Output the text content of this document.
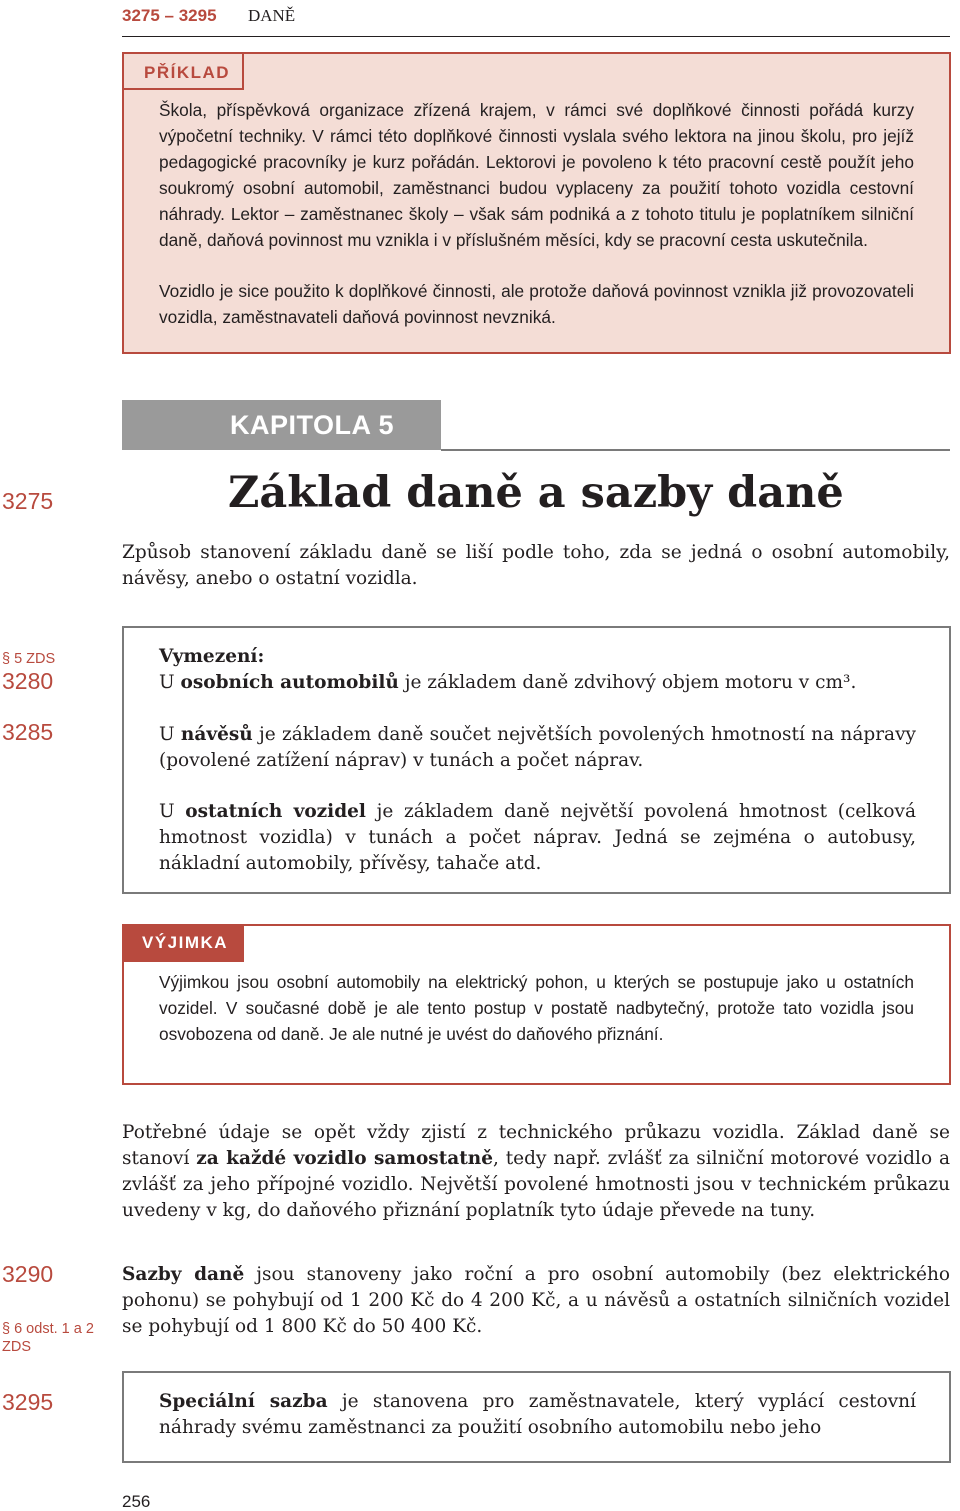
3275 – 3295 DANĚ
PŘÍKLAD

Škola, příspěvková organizace zřízená krajem, v rámci své doplňkové činnosti pořádá kurzy výpočetní techniky. V rámci této doplňkové činnosti vyslala svého lektora na jinou školu, pro jejíž pedagogické pracovníky je kurz pořádán. Lektorovi je povoleno k této pracovní cestě použít jeho soukromý osobní automobil, zaměstnanci budou vyplaceny za použití tohoto vozidla cestovní náhrady. Lektor – zaměstnanec školy – však sám podniká a z tohoto titulu je poplatníkem silniční daně, daňová povinnost mu vznikla i v příslušném měsíci, kdy se pracovní cesta uskutečnila.

Vozidlo je sice použito k doplňkové činnosti, ale protože daňová povinnost vznikla již provozovateli vozidla, zaměstnavateli daňová povinnost nevzniká.

KAPITOLA 5
3275	Základ daně a sazby daně

Způsob stanovení základu daně se liší podle toho, zda se jedná o osobní automobily, návěsy, anebo o ostatní vozidla.

§ 5 ZDS
3280
3285

Vymezení:

U osobních automobilů je základem daně zdvihový objem motoru v cm³.

U návěsů je základem daně součet největších povolených hmotností na nápravy (povolené zatížení náprav) v tunách a počet náprav.

U ostatních vozidel je základem daně největší povolená hmotnost (celková hmotnost vozidla) v tunách a počet náprav. Jedná se zejména o autobusy, nákladní automobily, přívěsy, tahače atd.

VÝJIMKA

Výjimkou jsou osobní automobily na elektrický pohon, u kterých se postupuje jako u ostatních vozidel. V současné době je ale tento postup v postatě nadbytečný, protože tato vozidla jsou osvobozena od daně. Je ale nutné je uvést do daňového přiznání.

Potřebné údaje se opět vždy zjistí z technického průkazu vozidla. Základ daně se stanoví za každé vozidlo samostatně, tedy např. zvlášť za silniční motorové vozidlo a zvlášť za jeho přípojné vozidlo. Největší povolené hmotnosti jsou v technickém průkazu uvedeny v kg, do daňového přiznání poplatník tyto údaje převede na tuny.

3290
§ 6 odst. 1 a 2 ZDS

Sazby daně jsou stanoveny jako roční a pro osobní automobily (bez elektrického pohonu) se pohybují od 1 200 Kč do 4 200 Kč, a u návěsů a ostatních silničních vozidel se pohybují od 1 800 Kč do 50 400 Kč.

3295	Speciální sazba je stanovena pro zaměstnavatele, který vyplácí cestovní náhrady svému zaměstnanci za použití osobního automobilu nebo jeho

256
